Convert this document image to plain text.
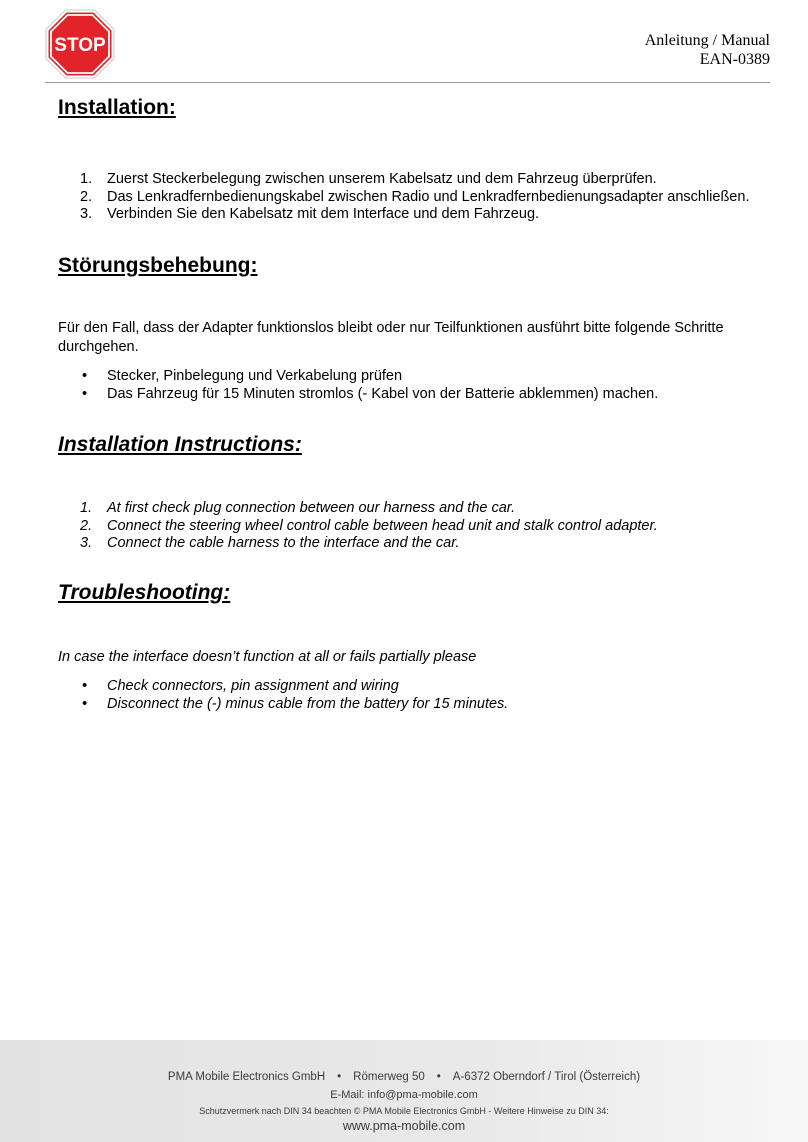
STOP	Anleitung / Manual
EAN-0389
Installation:
1. Zuerst Steckerbelegung zwischen unserem Kabelsatz und dem Fahrzeug überprüfen.
2. Das Lenkradfernbedienungskabel zwischen Radio und Lenkradfernbedienungsadapter anschließen.
3. Verbinden Sie den Kabelsatz mit dem Interface und dem Fahrzeug.
Störungsbehebung:

Für den Fall, dass der Adapter funktionslos bleibt oder nur Teilfunktionen ausführt bitte folgende Schritte durchgehen.

• Stecker, Pinbelegung und Verkabelung prüfen
• Das Fahrzeug für 15 Minuten stromlos (- Kabel von der Batterie abklemmen) machen.
Installation Instructions:
1. At first check plug connection between our harness and the car.
2. Connect the steering wheel control cable between head unit and stalk control adapter.
3. Connect the cable harness to the interface and the car.
Troubleshooting:

In case the interface doesn’t function at all or fails partially please

• Check connectors, pin assignment and wiring
• Disconnect the (-) minus cable from the battery for 15 minutes.
PMA Mobile Electronics GmbH • Römerweg 50 • A-6372 Oberndorf / Tirol (Österreich)
E-Mail: info@pma-mobile.com
Schutzvermerk nach DIN 34 beachten © PMA Mobile Electronics GmbH - Weitere Hinweise zu DIN 34:
www.pma-mobile.com
